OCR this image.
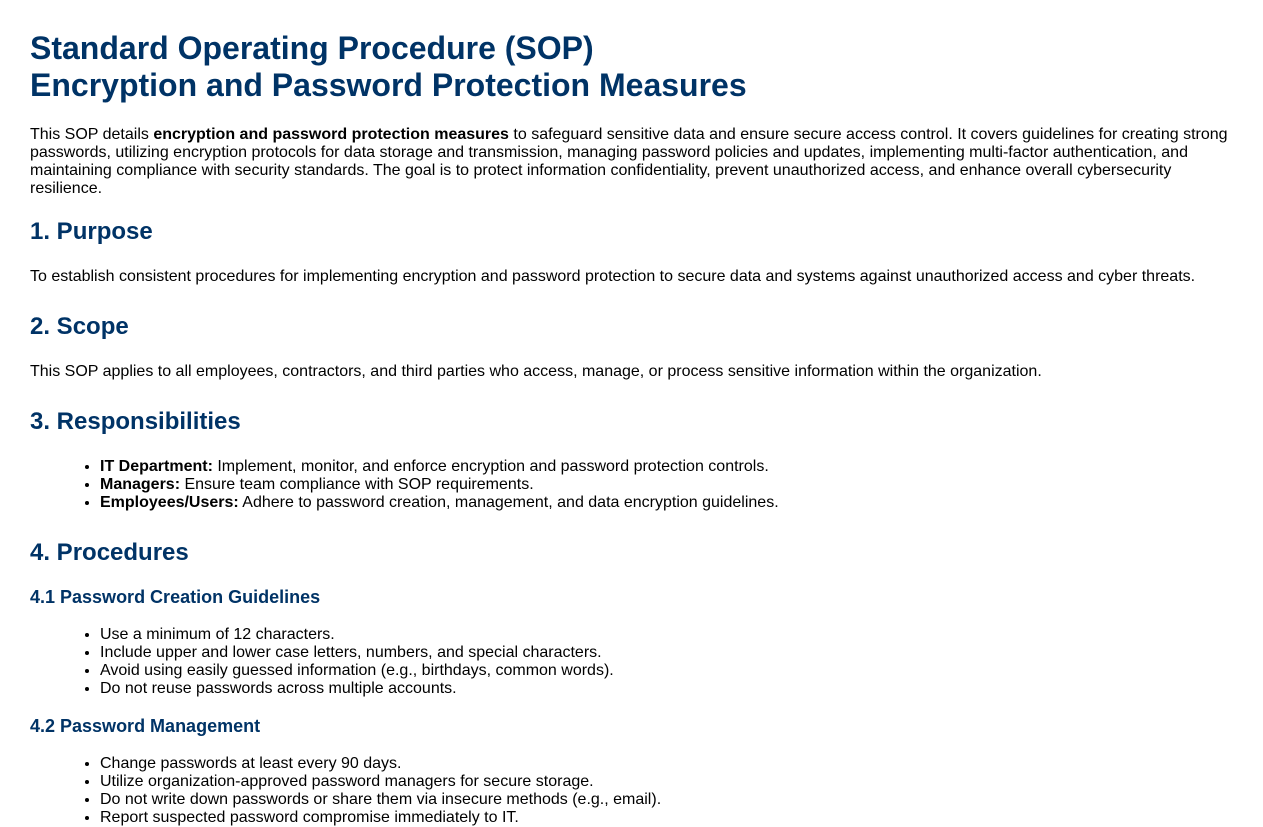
Standard Operating Procedure (SOP)
Encryption and Password Protection Measures

This SOP details encryption and password protection measures to safeguard sensitive data and ensure secure access control. It covers guidelines for creating strong passwords, utilizing encryption protocols for data storage and transmission, managing password policies and updates, implementing multi-factor authentication, and maintaining compliance with security standards. The goal is to protect information confidentiality, prevent unauthorized access, and enhance overall cybersecurity resilience.

1. Purpose

To establish consistent procedures for implementing encryption and password protection to secure data and systems against unauthorized access and cyber threats.

2. Scope

This SOP applies to all employees, contractors, and third parties who access, manage, or process sensitive information within the organization.

3. Responsibilities
• IT Department: Implement, monitor, and enforce encryption and password protection controls.
• Managers: Ensure team compliance with SOP requirements.
• Employees/Users: Adhere to password creation, management, and data encryption guidelines.
4. Procedures
4.1 Password Creation Guidelines
• Use a minimum of 12 characters.
• Include upper and lower case letters, numbers, and special characters.
• Avoid using easily guessed information (e.g., birthdays, common words).
• Do not reuse passwords across multiple accounts.
4.2 Password Management
• Change passwords at least every 90 days.
• Utilize organization-approved password managers for secure storage.
• Do not write down passwords or share them via insecure methods (e.g., email).
• Report suspected password compromise immediately to IT.
